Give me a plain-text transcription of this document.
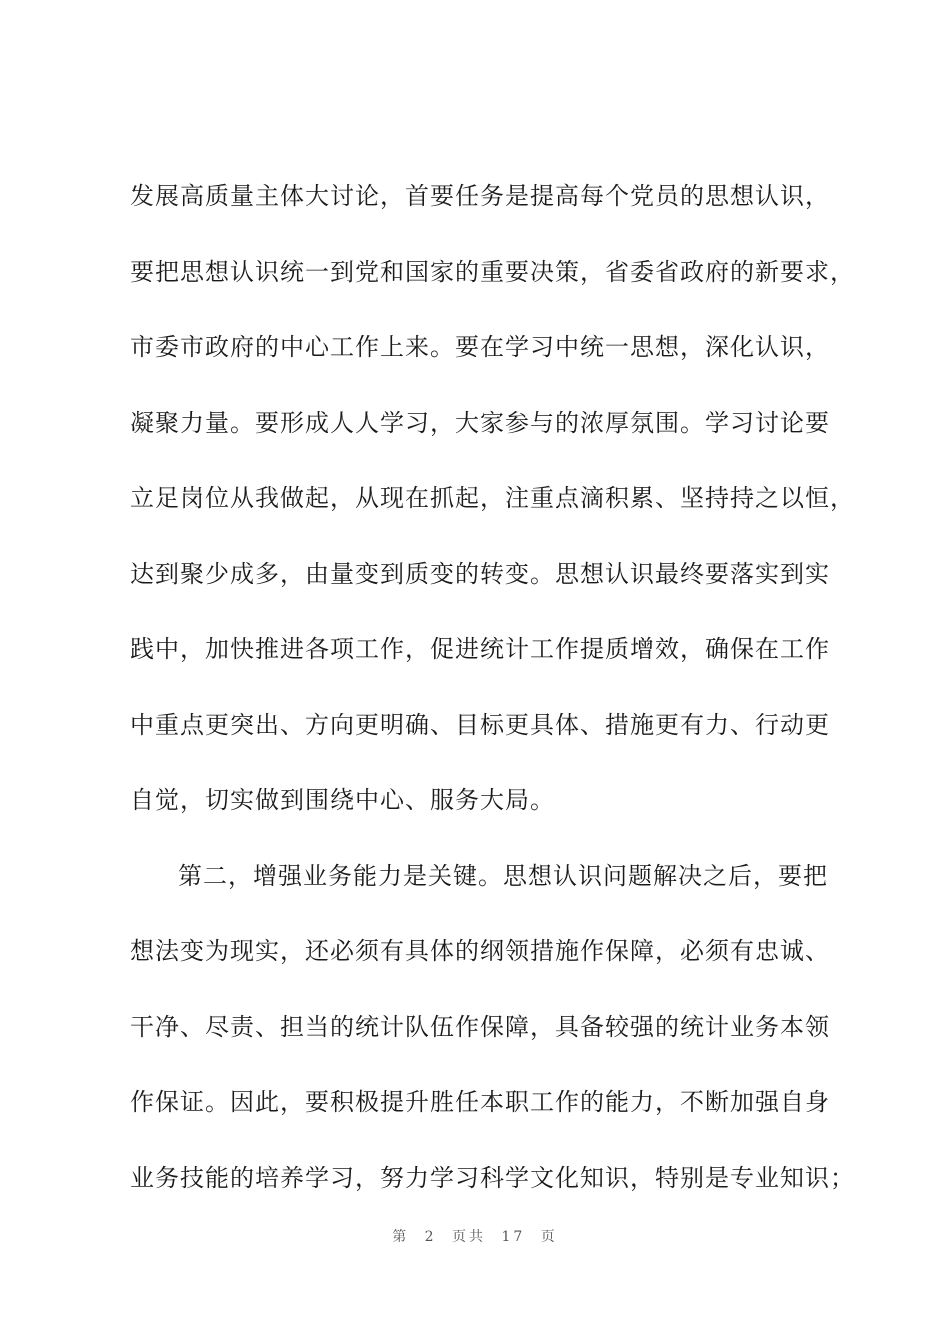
发展高质量主体大讨论，首要任务是提高每个党员的思想认识，
要把思想认识统一到党和国家的重要决策，省委省政府的新要求，
市委市政府的中心工作上来。要在学习中统一思想，深化认识，
凝聚力量。要形成人人学习，大家参与的浓厚氛围。学习讨论要
立足岗位从我做起，从现在抓起，注重点滴积累、坚持持之以恒，
达到聚少成多，由量变到质变的转变。思想认识最终要落实到实
践中，加快推进各项工作，促进统计工作提质增效，确保在工作
中重点更突出、方向更明确、目标更具体、措施更有力、行动更
自觉，切实做到围绕中心、服务大局。
第二，增强业务能力是关键。思想认识问题解决之后，要把
想法变为现实，还必须有具体的纲领措施作保障，必须有忠诚、
干净、尽责、担当的统计队伍作保障，具备较强的统计业务本领
作保证。因此，要积极提升胜任本职工作的能力，不断加强自身
业务技能的培养学习，努力学习科学文化知识，特别是专业知识；
第 2 页共 17 页
